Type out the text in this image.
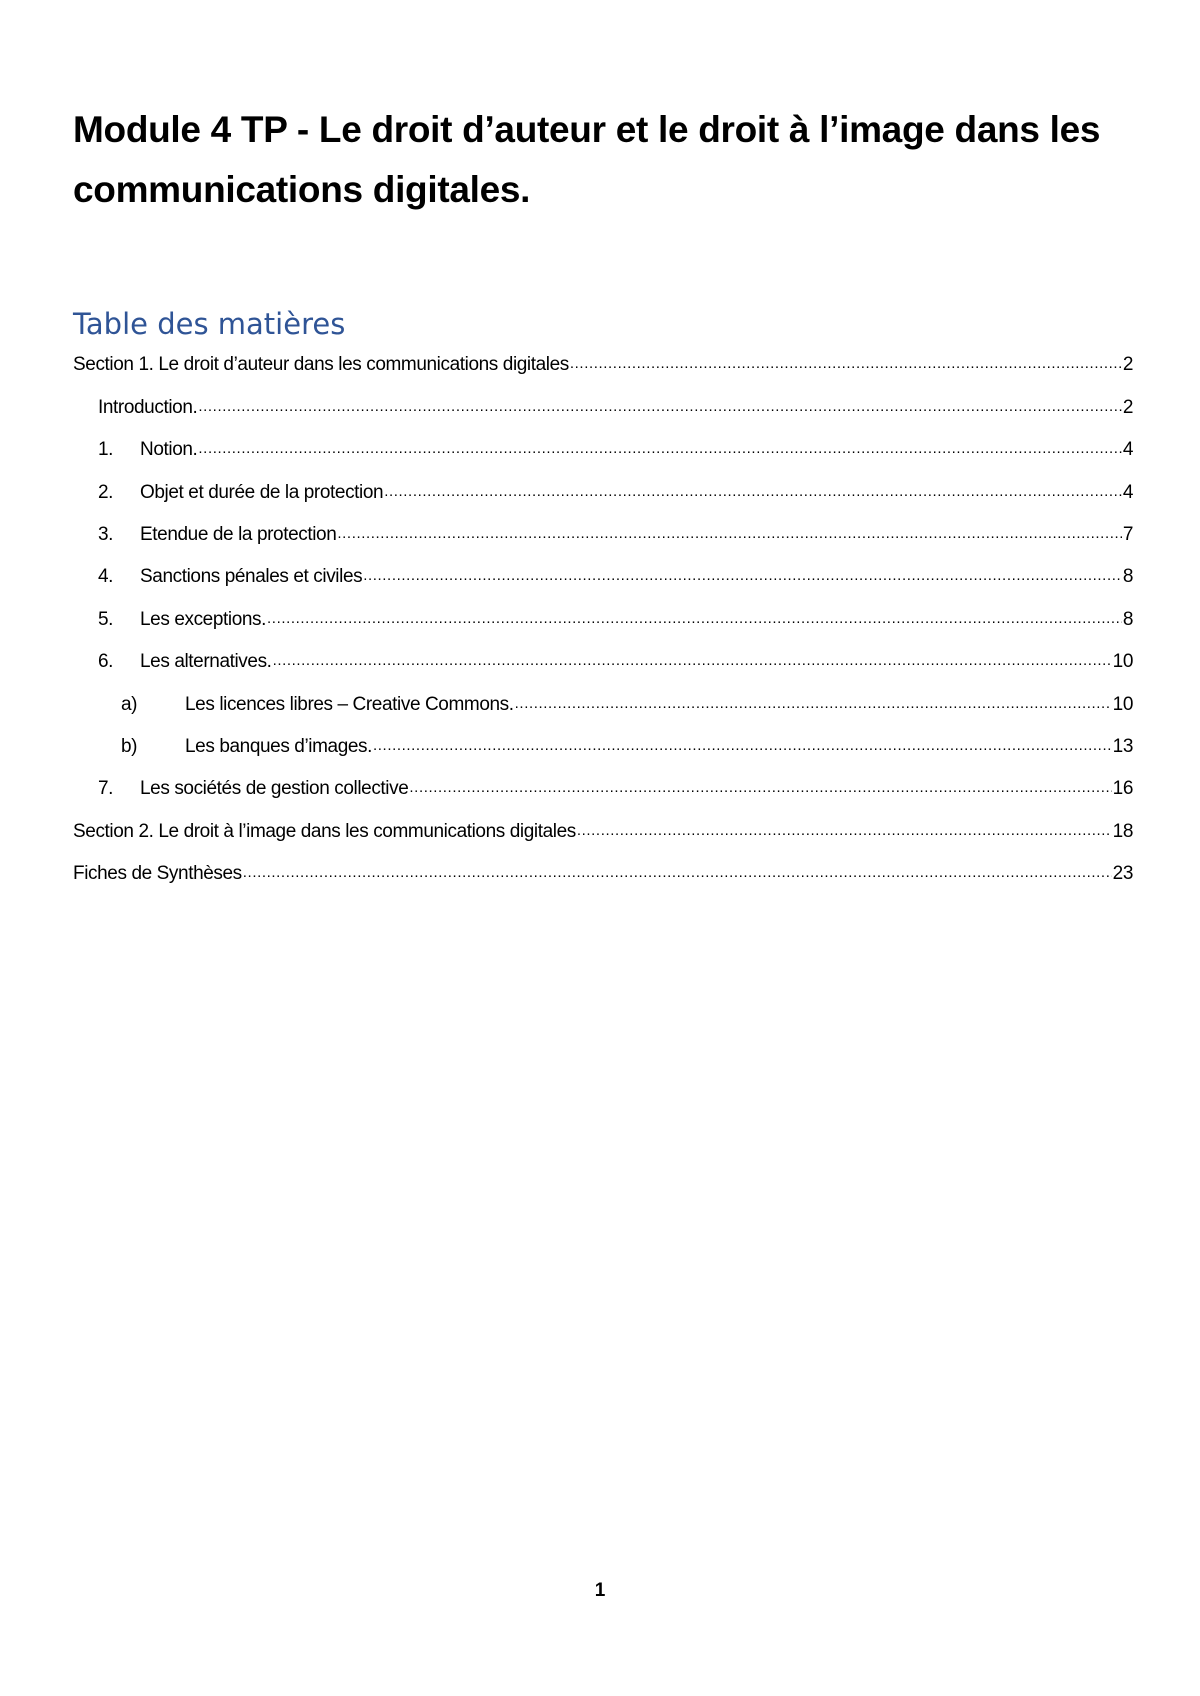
Module 4 TP - Le droit d’auteur et le droit à l’image dans les communications digitales.
Table des matières
Section 1. Le droit d’auteur dans les communications digitales .....	2
Introduction. .....	2
1.	Notion. .....	4
2.	Objet et durée de la protection .....	4
3.	Etendue de la protection .....	7
4.	Sanctions pénales et civiles .....	8
5.	Les exceptions. .....	8
6.	Les alternatives. .....	10
a)	Les licences libres – Creative Commons. .....	10
b)	Les banques d’images. .....	13
7.	Les sociétés de gestion collective .....	16
Section 2. Le droit à l’image dans les communications digitales .....	18
Fiches de Synthèses .....	23
1
